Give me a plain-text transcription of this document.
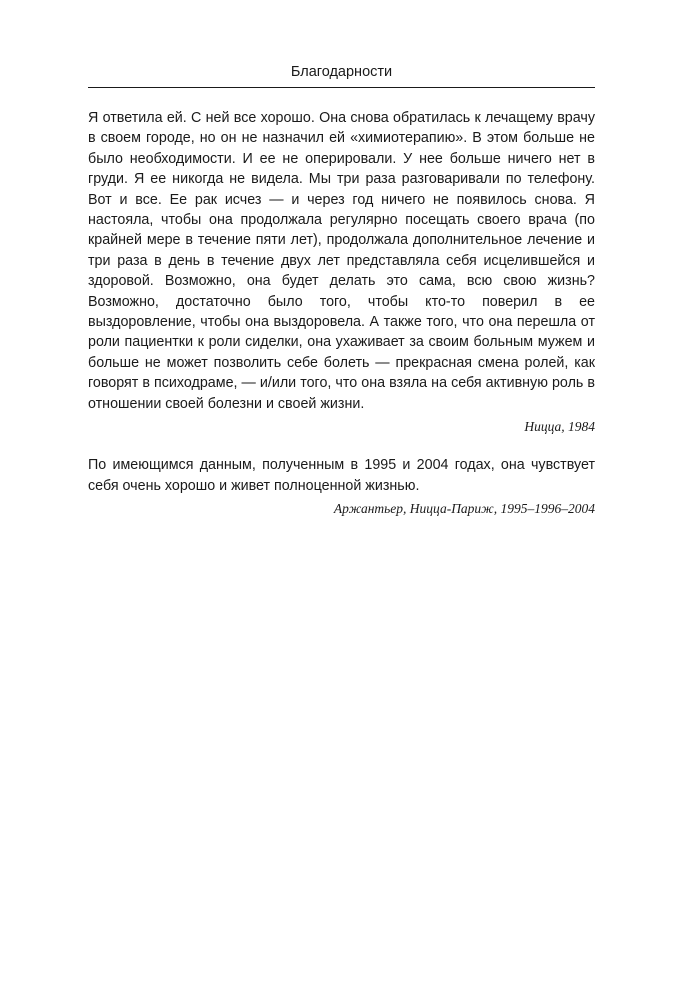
Благодарности

Я ответила ей. С ней все хорошо. Она снова обратилась к лечащему врачу в своем городе, но он не назначил ей «химиотерапию». В этом больше не было необходимости. И ее не оперировали. У нее больше ничего нет в груди. Я ее никогда не видела. Мы три раза разговаривали по телефону. Вот и все. Ее рак исчез — и через год ничего не появилось снова. Я настояла, чтобы она продолжала регулярно посещать своего врача (по крайней мере в течение пяти лет), продолжала дополнительное лечение и три раза в день в течение двух лет представляла себя исцелившейся и здоровой. Возможно, она будет делать это сама, всю свою жизнь? Возможно, достаточно было того, чтобы кто-то поверил в ее выздоровление, чтобы она выздоровела. А также того, что она перешла от роли пациентки к роли сиделки, она ухаживает за своим больным мужем и больше не может позволить себе болеть — прекрасная смена ролей, как говорят в психодраме, — и/или того, что она взяла на себя активную роль в отношении своей болезни и своей жизни.

Ницца, 1984

По имеющимся данным, полученным в 1995 и 2004 годах, она чувствует себя очень хорошо и живет полноценной жизнью.

Аржантьер, Ницца-Париж, 1995–1996–2004
